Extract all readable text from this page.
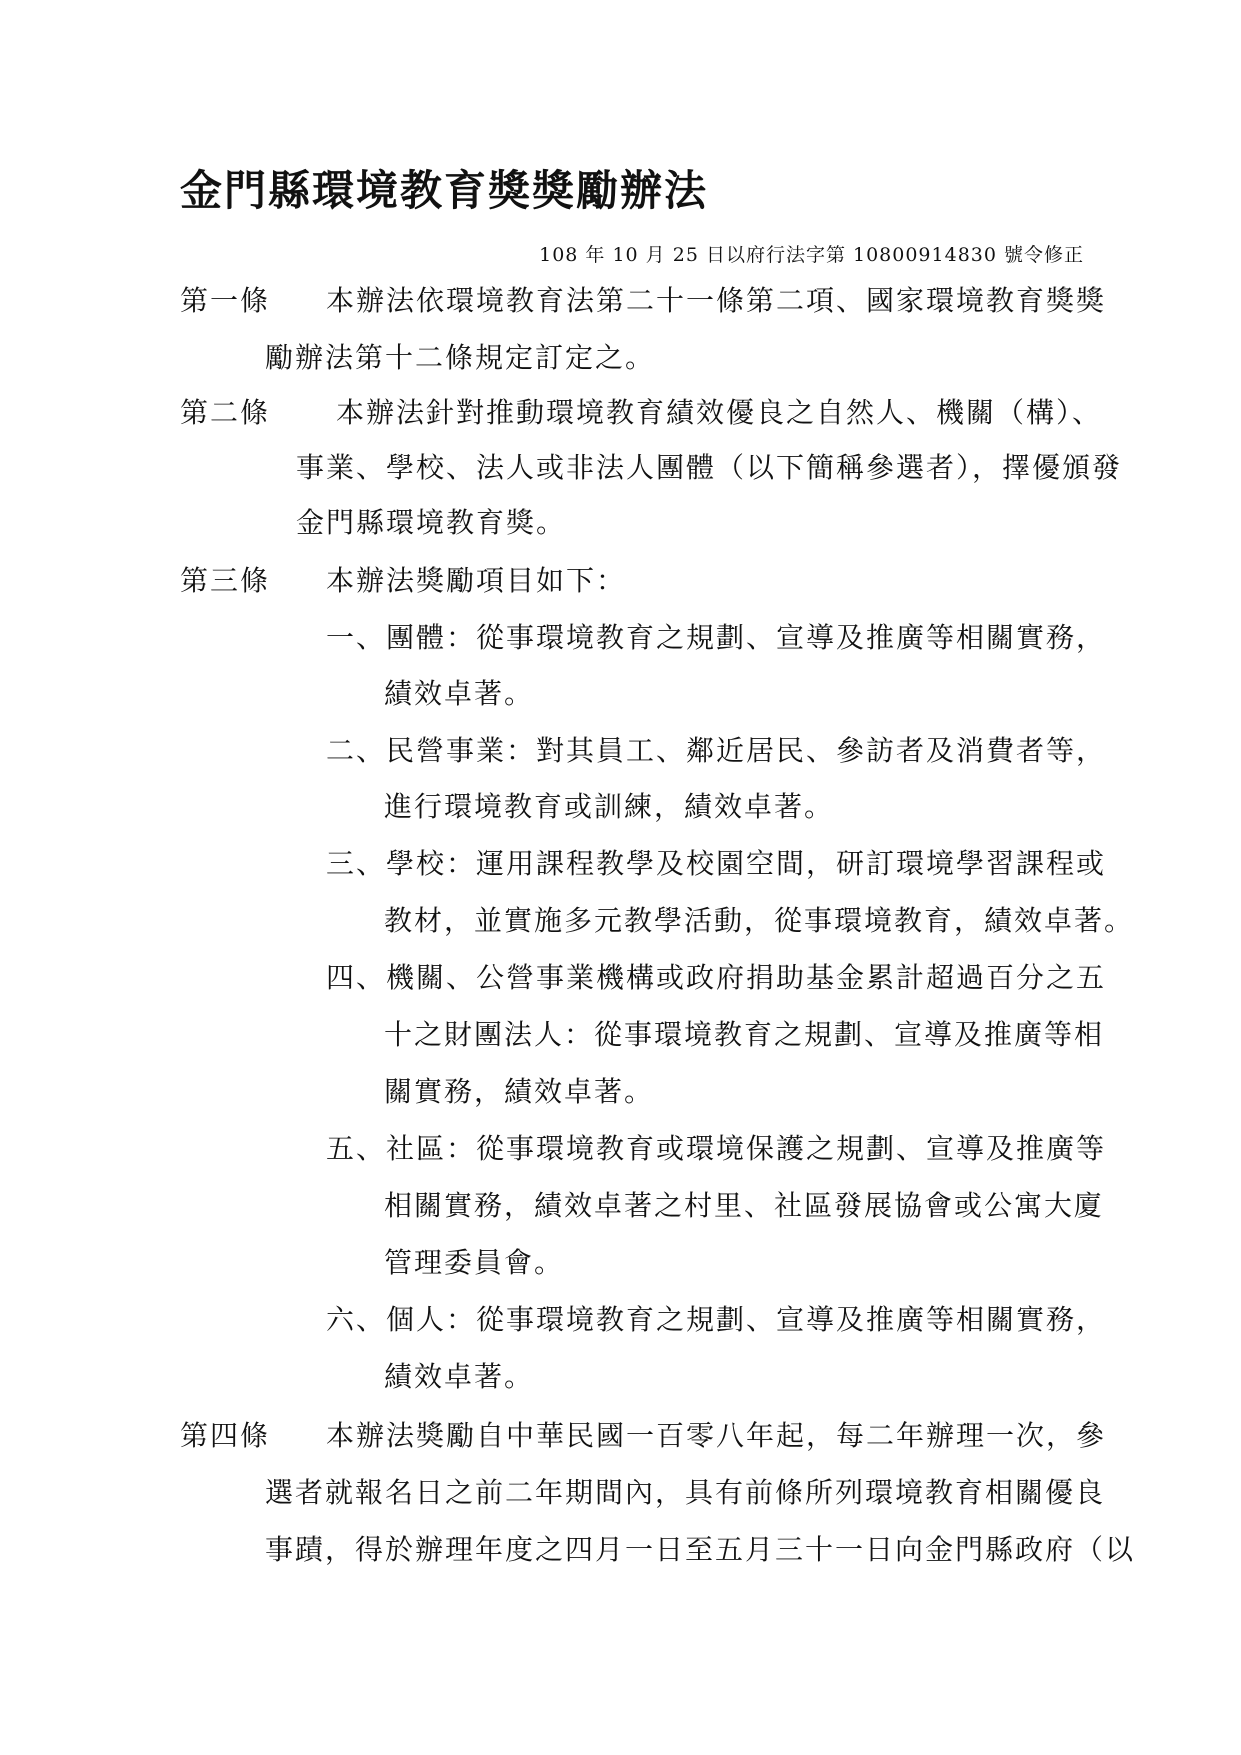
金門縣環境教育獎獎勵辦法
108 年 10 月 25 日以府行法字第 10800914830 號令修正
第一條 本辦法依環境教育法第二十一條第二項、國家環境教育獎獎
勵辦法第十二條規定訂定之。
第二條 本辦法針對推動環境教育績效優良之自然人、機關（構）、
事業、學校、法人或非法人團體（以下簡稱參選者），擇優頒發
金門縣環境教育獎。
第三條 本辦法獎勵項目如下：
一、團體：從事環境教育之規劃、宣導及推廣等相關實務，
績效卓著。
二、民營事業：對其員工、鄰近居民、參訪者及消費者等，
進行環境教育或訓練，績效卓著。
三、學校：運用課程教學及校園空間，研訂環境學習課程或
教材，並實施多元教學活動，從事環境教育，績效卓著。
四、機關、公營事業機構或政府捐助基金累計超過百分之五
十之財團法人：從事環境教育之規劃、宣導及推廣等相
關實務，績效卓著。
五、社區：從事環境教育或環境保護之規劃、宣導及推廣等
相關實務，績效卓著之村里、社區發展協會或公寓大廈
管理委員會。
六、個人：從事環境教育之規劃、宣導及推廣等相關實務，
績效卓著。
第四條 本辦法獎勵自中華民國一百零八年起，每二年辦理一次，參
選者就報名日之前二年期間內，具有前條所列環境教育相關優良
事蹟，得於辦理年度之四月一日至五月三十一日向金門縣政府（以
